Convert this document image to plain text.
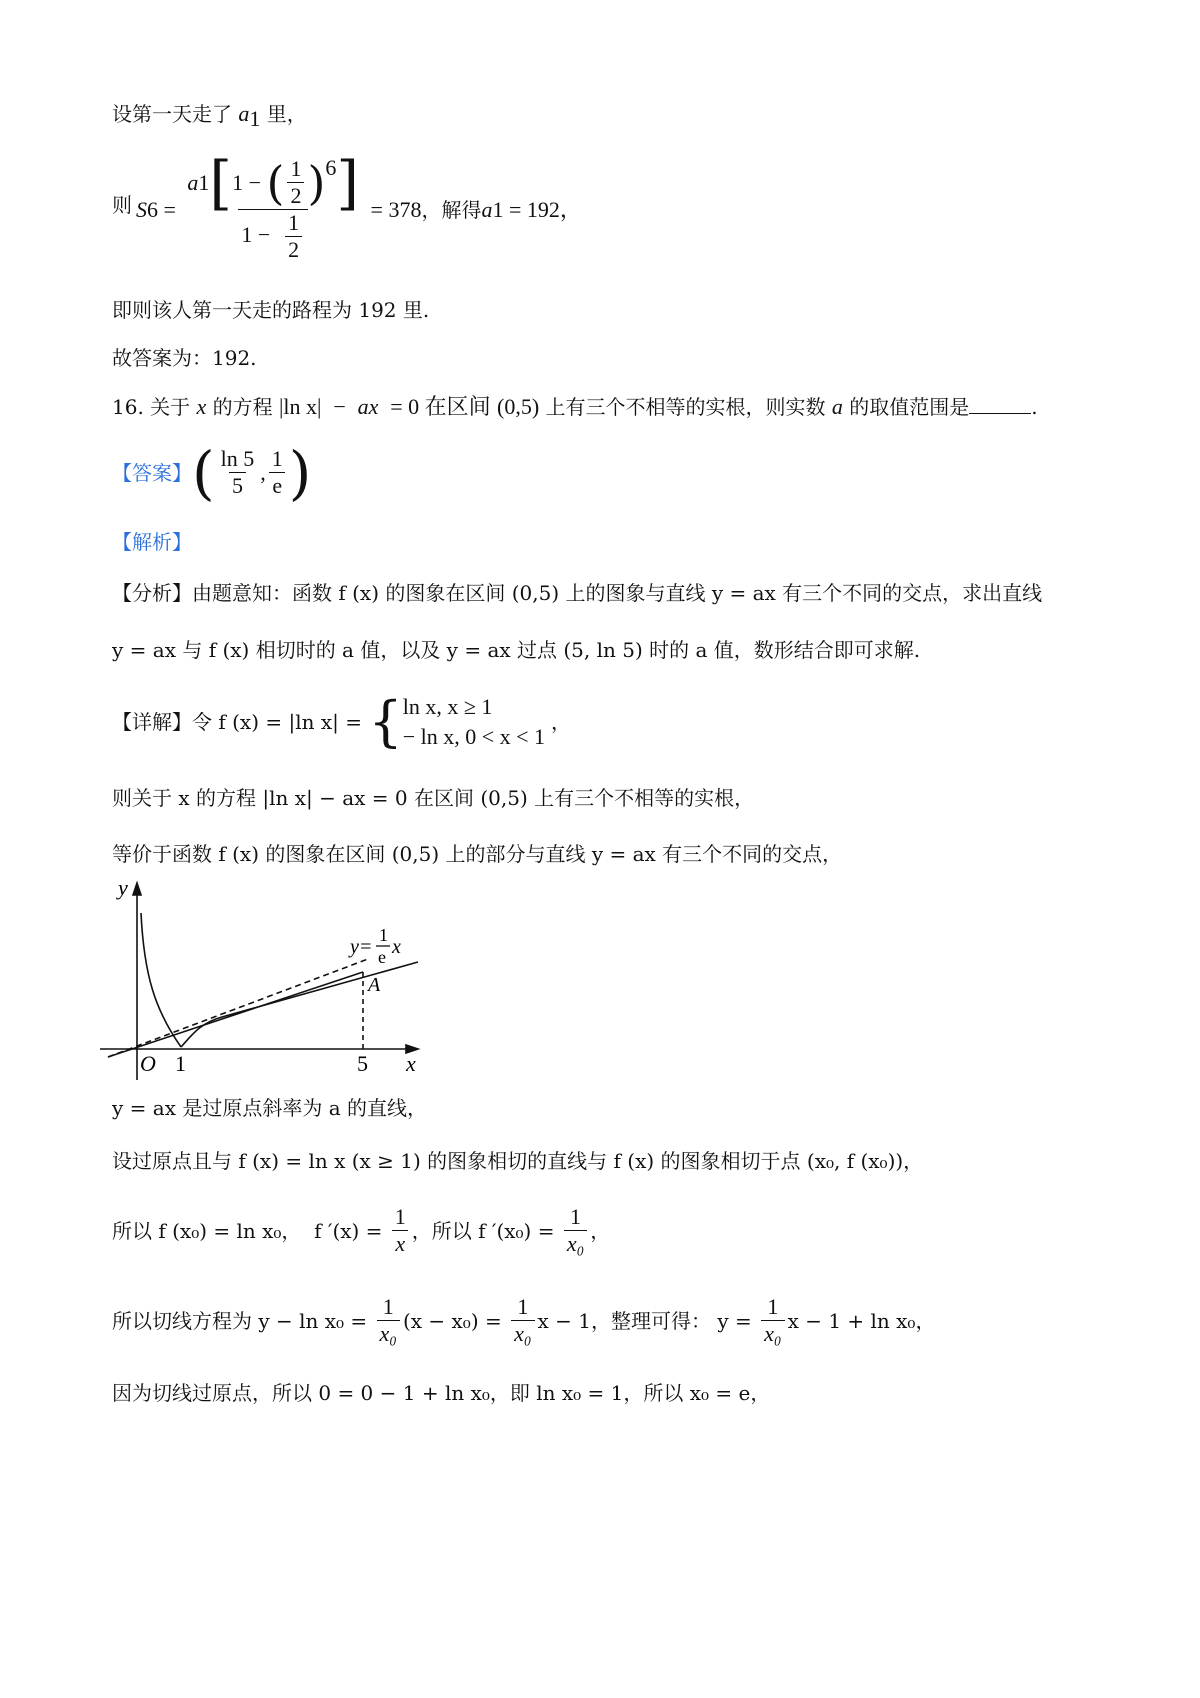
设第一天走了 $a_1$ 里，
则 S $6 = \frac{a 1 [ 1 - ( \frac{1}{2} ) 6 ]}{1 - \frac{1}{2}} = 378$ ，解得 a 1 = 192，
即则该人第一天走的路程为 192 里.
故答案为：192.
16. 关于 x 的方程 |ln x|  −  ax  = 0 在区间 (0,5) 上有三个不相等的实根，则实数 a 的取值范围是	.
【答案】 ( $\frac{\ln 5}{5}$ , $\frac{1}{e}$ )
【解析】
【分析】由题意知：函数 f (x) 的图象在区间 (0,5) 上的图象与直线 y = ax 有三个不同的交点，求出直线
y = ax 与 f (x) 相切时的 a 值，以及 y = ax 过点 (5, ln 5) 时的 a 值，数形结合即可求解.
【详解】令 f (x) = |ln x| = { ln x, x ≥ 1
− ln x, 0 < x < 1
，
则关于 x 的方程 |ln x| − ax = 0 在区间 (0,5) 上有三个不相等的实根，
等价于函数 f (x) 的图象在区间 (0,5) 上的部分与直线 y = ax 有三个不同的交点，
y
x
O 1	5
A
y=
1
e x
y = ax 是过原点斜率为 a 的直线，
设过原点且与 f (x) = ln x (x ≥ 1) 的图象相切的直线与 f (x) 的图象相切于点 (x₀, f (x₀))，
所以 f (x₀) = ln x₀，  f $'(x) = \frac{1}{x}$ ，所以 f $'(x_0) = \frac{1}{\text{x₀}}$ ，
所以切线方程为 $y - \ln x_0 = \frac{1}{\text{x₀}} (x - x_0) = \frac{1}{\text{x₀}}$ x − 1，整理可得： $y = \frac{1}{\text{x₀}}$ x − 1 + ln x₀，
因为切线过原点，所以 0 = 0 − 1 + ln x₀，即 ln x₀ = 1，所以 x₀ = e，
